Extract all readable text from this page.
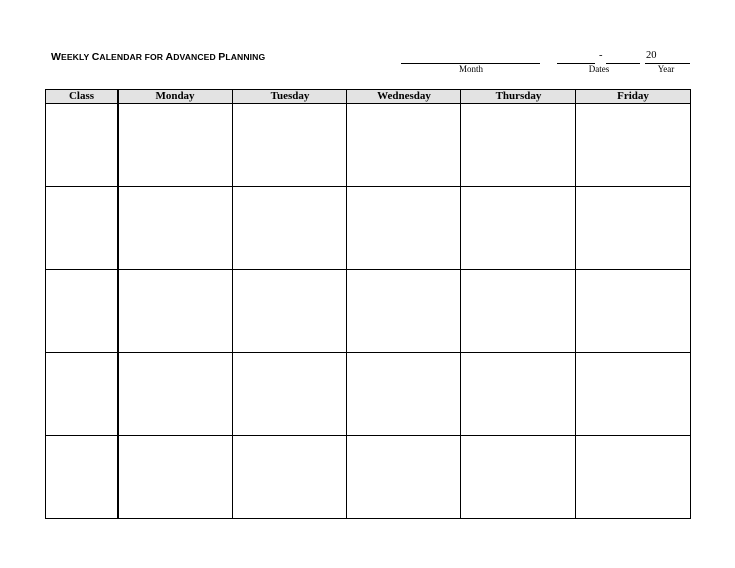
WEEKLY CALENDAR FOR ADVANCED PLANNING
Month
-
Dates
20
Year
Class	Monday	Tuesday	Wednesday	Thursday	Friday
